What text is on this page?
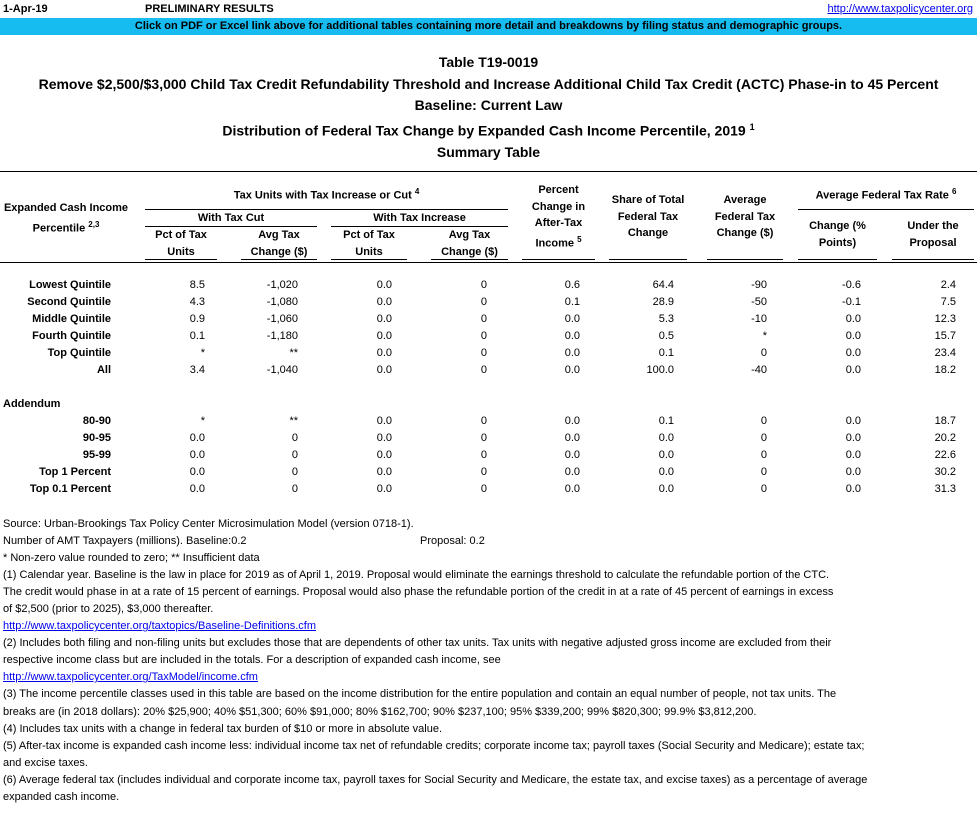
1-Apr-19	PRELIMINARY RESULTS	http://www.taxpolicycenter.org
Click on PDF or Excel link above for additional tables containing more detail and breakdowns by filing status and demographic groups.
Table T19-0019
Remove $2,500/$3,000 Child Tax Credit Refundability Threshold and Increase Additional Child Tax Credit (ACTC) Phase-in to 45 Percent
Baseline: Current Law
Distribution of Federal Tax Change by Expanded Cash Income Percentile, 2019 $^1$
Summary Table
Expanded Cash Income
Percentile $^{2,3}$
Tax Units with Tax Increase or Cut $^4$
With Tax Cut	With Tax Increase
Pct of Tax
Units
Avg Tax
Change ($)
Pct of Tax
Units
Avg Tax
Change ($)
Percent
Change in
After-Tax
Income $^5$
Share of Total
Federal Tax
Change
Average
Federal Tax
Change ($)
Average Federal Tax Rate $^6$
Change (%
Points)
Under the
Proposal
Lowest Quintile	8.5	-1,020	0.0	0	0.6	64.4	-90	-0.6	2.4
Second Quintile	4.3	-1,080	0.0	0	0.1	28.9	-50	-0.1	7.5
Middle Quintile	0.9	-1,060	0.0	0	0.0	5.3	-10	0.0	12.3
Fourth Quintile	0.1	-1,180	0.0	0	0.0	0.5	*	0.0	15.7
Top Quintile	*	**	0.0	0	0.0	0.1	0	0.0	23.4
All	3.4	-1,040	0.0	0	0.0	100.0	-40	0.0	18.2
80-90	*	**	0.0	0	0.0	0.1	0	0.0	18.7
90-95	0.0	0	0.0	0	0.0	0.0	0	0.0	20.2
95-99	0.0	0	0.0	0	0.0	0.0	0	0.0	22.6
Top 1 Percent	0.0	0	0.0	0	0.0	0.0	0	0.0	30.2
Top 0.1 Percent	0.0	0	0.0	0	0.0	0.0	0	0.0	31.3
Addendum
Source: Urban-Brookings Tax Policy Center Microsimulation Model (version 0718-1).
Number of AMT Taxpayers (millions). Baseline:0.2	Proposal: 0.2
* Non-zero value rounded to zero; ** Insufficient data
(1) Calendar year. Baseline is the law in place for 2019 as of April 1, 2019. Proposal would eliminate the earnings threshold to calculate the refundable portion of the CTC.
The credit would phase in at a rate of 15 percent of earnings. Proposal would also phase the refundable portion of the credit in at a rate of 45 percent of earnings in excess
of $2,500 (prior to 2025), $3,000 thereafter.
http://www.taxpolicycenter.org/taxtopics/Baseline-Definitions.cfm
(2) Includes both filing and non-filing units but excludes those that are dependents of other tax units. Tax units with negative adjusted gross income are excluded from their
respective income class but are included in the totals. For a description of expanded cash income, see
http://www.taxpolicycenter.org/TaxModel/income.cfm
(3) The income percentile classes used in this table are based on the income distribution for the entire population and contain an equal number of people, not tax units. The
breaks are (in 2018 dollars): 20% $25,900; 40% $51,300; 60% $91,000; 80% $162,700; 90% $237,100; 95% $339,200; 99% $820,300; 99.9% $3,812,200.
(4) Includes tax units with a change in federal tax burden of $10 or more in absolute value.
(5) After-tax income is expanded cash income less: individual income tax net of refundable credits; corporate income tax; payroll taxes (Social Security and Medicare); estate tax;
and excise taxes.
(6) Average federal tax (includes individual and corporate income tax, payroll taxes for Social Security and Medicare, the estate tax, and excise taxes) as a percentage of average
expanded cash income.
